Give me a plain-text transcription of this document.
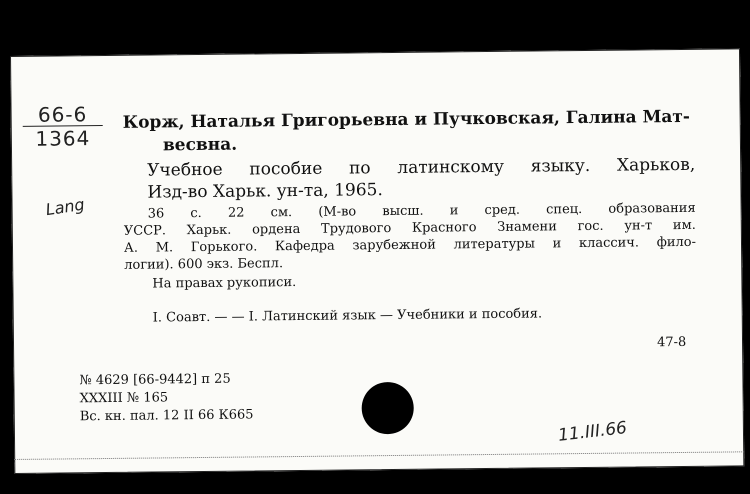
66-6
1364
Lang
Корж, Наталья Григорьевна и Пучковская, Галина Мат-
весвна.
Учебное пособие по латинскому языку. Харьков,
Изд-во Харьк. ун-та, 1965.
36 с. 22 см. (М-во высш. и сред. спец. образования
УССР. Харьк. ордена Трудового Красного Знамени гос. ун-т им.
А. М. Горького. Кафедра зарубежной литературы и классич. фило-
логии). 600 экз. Беспл.
На правах рукописи.
I. Соавт. — — I. Латинский язык — Учебники и пособия.
47-8
№ 4629 [66-9442] п 25
XXXIII № 165
Вс. кн. пал. 12 II 66 К665
11.III.66
